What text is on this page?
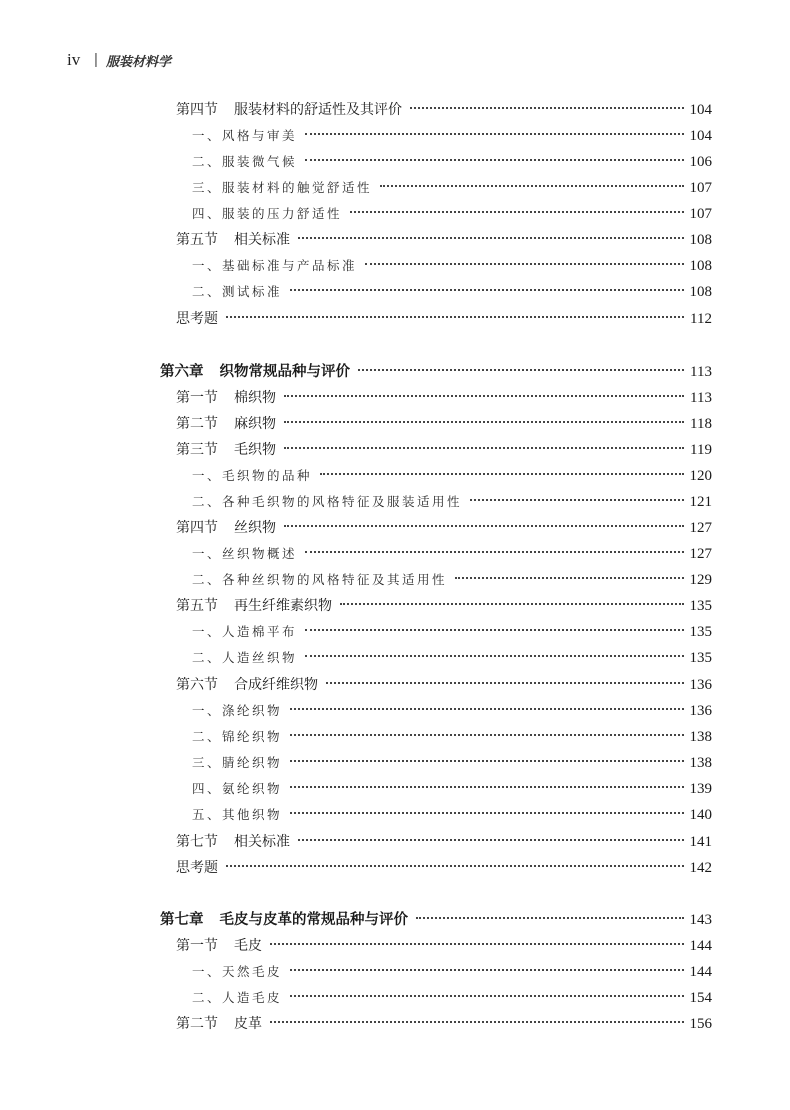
iv | 服装材料学
第四节 服装材料的舒适性及其评价	104
一、风格与审美	104
二、服装微气候	106
三、服装材料的触觉舒适性	107
四、服装的压力舒适性	107
第五节 相关标准	108
一、基础标准与产品标准	108
二、测试标准	108
思考题	112
第六章 织物常规品种与评价	113
第一节 棉织物	113
第二节 麻织物	118
第三节 毛织物	119
一、毛织物的品种	120
二、各种毛织物的风格特征及服装适用性	121
第四节 丝织物	127
一、丝织物概述	127
二、各种丝织物的风格特征及其适用性	129
第五节 再生纤维素织物	135
一、人造棉平布	135
二、人造丝织物	135
第六节 合成纤维织物	136
一、涤纶织物	136
二、锦纶织物	138
三、腈纶织物	138
四、氨纶织物	139
五、其他织物	140
第七节 相关标准	141
思考题	142
第七章 毛皮与皮革的常规品种与评价	143
第一节 毛皮	144
一、天然毛皮	144
二、人造毛皮	154
第二节 皮革	156
